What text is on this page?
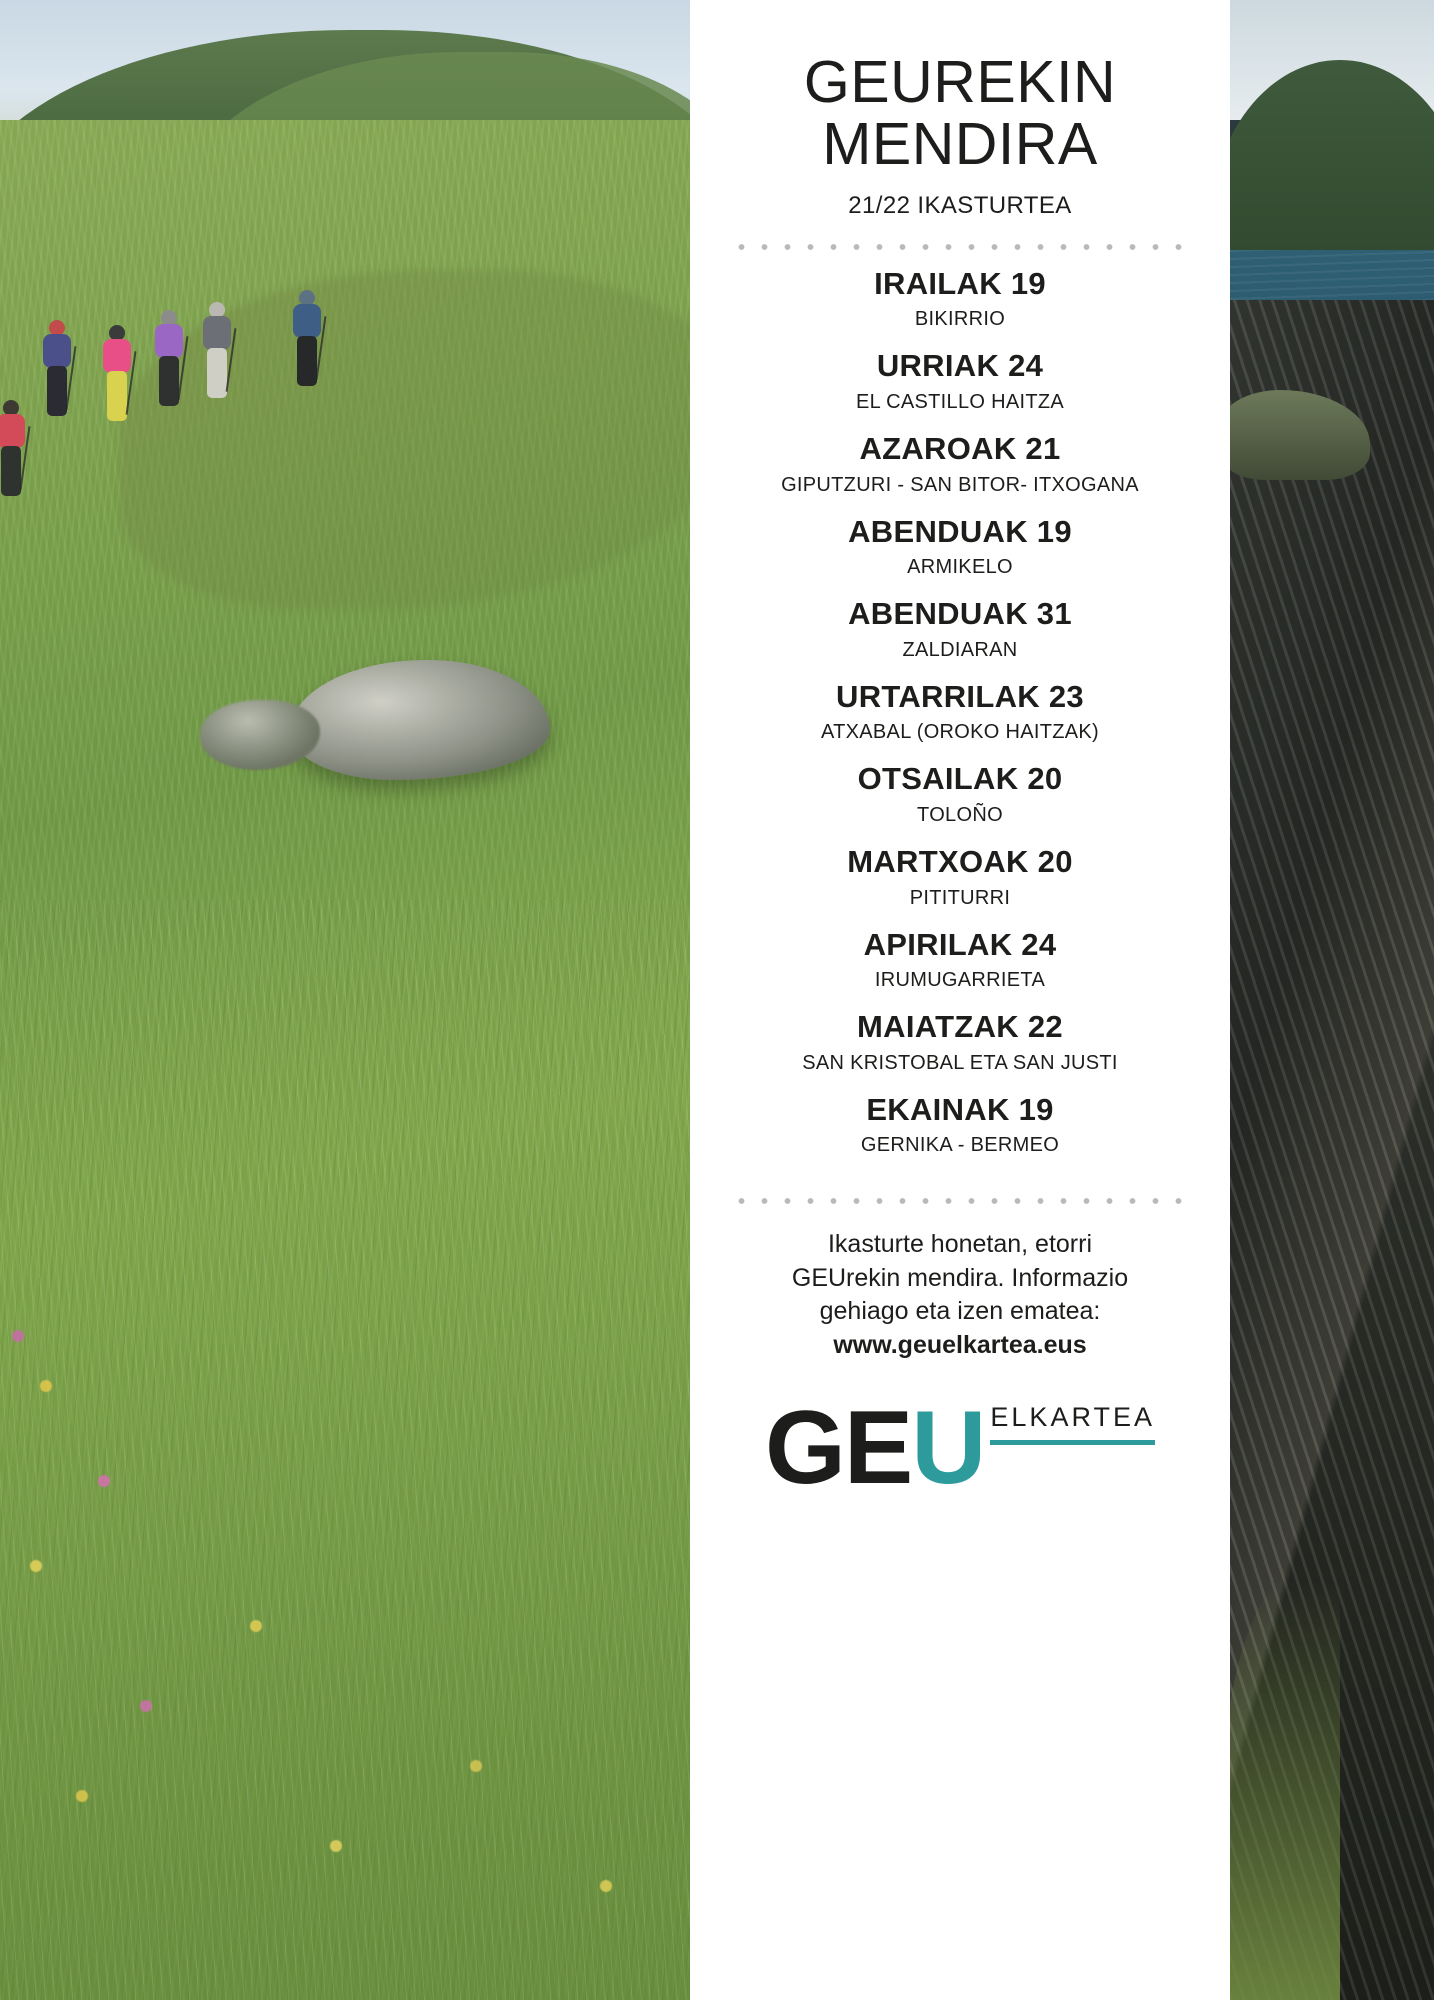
GEUREKIN
MENDIRA
21/22 IKASTURTEA
IRAILAK 19
BIKIRRIO
URRIAK 24
EL CASTILLO HAITZA
AZAROAK 21
GIPUTZURI - SAN BITOR- ITXOGANA
ABENDUAK 19
ARMIKELO
ABENDUAK 31
ZALDIARAN
URTARRILAK 23
ATXABAL (OROKO HAITZAK)
OTSAILAK 20
TOLOÑO
MARTXOAK 20
PITITURRI
APIRILAK 24
IRUMUGARRIETA
MAIATZAK 22
SAN KRISTOBAL ETA SAN JUSTI
EKAINAK 19
GERNIKA - BERMEO
Ikasturte honetan, etorri
GEUrekin mendira. Informazio
gehiago eta izen ematea:
www.geuelkartea.eus
G E U ELKARTEA
